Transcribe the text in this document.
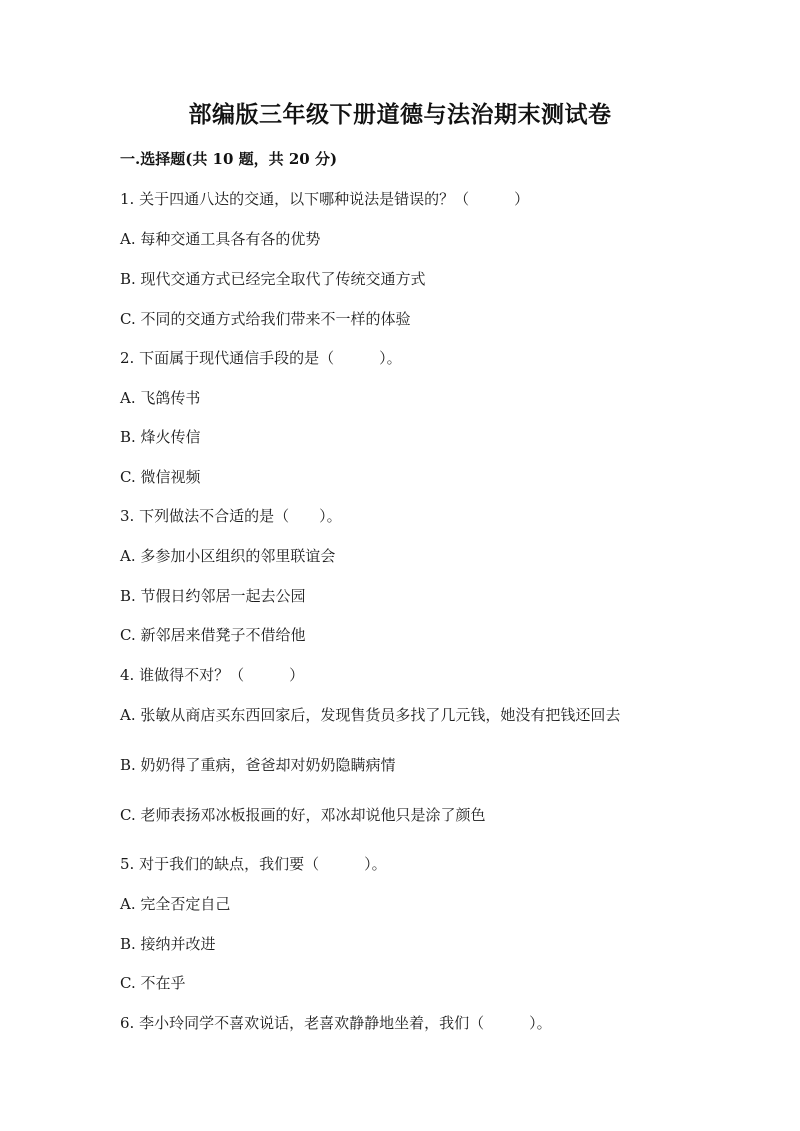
部编版三年级下册道德与法治期末测试卷
一.选择题(共 10 题，共 20 分)
1. 关于四通八达的交通，以下哪种说法是错误的？（　　　）
A. 每种交通工具各有各的优势
B. 现代交通方式已经完全取代了传统交通方式
C. 不同的交通方式给我们带来不一样的体验
2. 下面属于现代通信手段的是（　　　）。
A. 飞鸽传书
B. 烽火传信
C. 微信视频
3. 下列做法不合适的是（　　）。
A. 多参加小区组织的邻里联谊会
B. 节假日约邻居一起去公园
C. 新邻居来借凳子不借给他
4. 谁做得不对？（　　　）
A. 张敏从商店买东西回家后，发现售货员多找了几元钱，她没有把钱还回去
B. 奶奶得了重病，爸爸却对奶奶隐瞒病情
C. 老师表扬邓冰板报画的好，邓冰却说他只是涂了颜色
5. 对于我们的缺点，我们要（　　　）。
A. 完全否定自己
B. 接纳并改进
C. 不在乎
6. 李小玲同学不喜欢说话，老喜欢静静地坐着，我们（　　　）。
